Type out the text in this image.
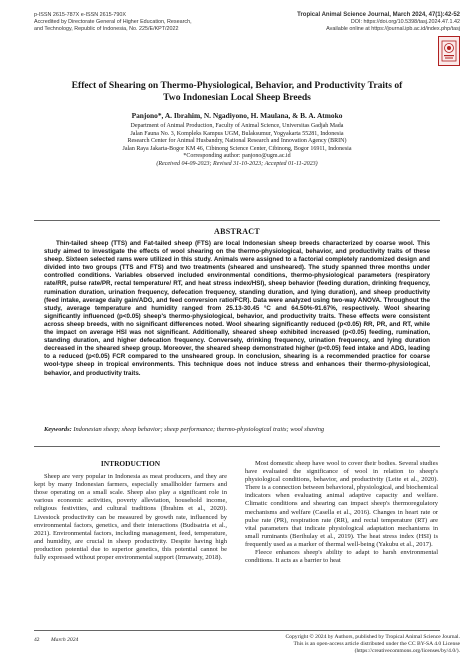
p-ISSN 2615-787X e-ISSN 2615-790X
Accredited by Directorate General of Higher Education, Research,
and Technology, Republic of Indonesia, No. 225/E/KPT/2022
Tropical Animal Science Journal, March 2024, 47(1):42-52
DOI: https://doi.org/10.5398/tasj.2024.47.1.42
Available online at https://journal.ipb.ac.id/index.php/tasj
Effect of Shearing on Thermo-Physiological, Behavior, and Productivity Traits of
Two Indonesian Local Sheep Breeds
Panjono*, A. Ibrahim, N. Ngadiyono, H. Maulana, & B. A. Atmoko
Department of Animal Production, Faculty of Animal Science, Universitas Gadjah Mada
Jalan Fauna No. 3, Kompleks Kampus UGM, Bulaksumur, Yogyakarta 55281, Indonesia
Research Center for Animal Husbandry, National Research and Innovation Agency (BRIN)
Jalan Raya Jakarta-Bogor KM 46, Cibinong Science Center, Cibinong, Bogor 16911, Indonesia
*Corresponding author: panjono@ugm.ac.id
(Received 04-09-2023; Revised 31-10-2023; Accepted 01-11-2023)
ABSTRACT
Thin-tailed sheep (TTS) and Fat-tailed sheep (FTS) are local Indonesian sheep breeds characterized by coarse wool. This study aimed to investigate the effects of wool shearing on the thermo-physiological, behavior, and productivity traits of these sheep. Sixteen selected rams were utilized in this study. Animals were assigned to a factorial completely randomized design and divided into two groups (TTS and FTS) and two treatments (sheared and unsheared). The study spanned three months under controlled conditions. Variables observed included environmental conditions, thermo-physiological parameters (respiratory rate/RR, pulse rate/PR, rectal temperature/ RT, and heat stress index/HSI), sheep behavior (feeding duration, drinking frequency, rumination duration, urination frequency, defecation frequency, standing duration, and lying duration), and sheep productivity (feed intake, average daily gain/ADG, and feed conversion ratio/FCR). Data were analyzed using two-way ANOVA. Throughout the study, average temperature and humidity ranged from 25.13-30.45 °C and 64.50%-91.67%, respectively. Wool shearing significantly influenced (p<0.05) sheep's thermo-physiological, behavior, and productivity traits. These effects were consistent across sheep breeds, with no significant differences noted. Wool shearing significantly reduced (p<0.05) RR, PR, and RT, while the impact on average HSI was not significant. Additionally, sheared sheep exhibited increased (p<0.05) feeding, rumination, standing duration, and higher defecation frequency. Conversely, drinking frequency, urination frequency, and lying duration decreased in the sheared sheep group. Moreover, the sheared sheep demonstrated higher (p<0.05) feed intake and ADG, leading to a reduced (p<0.05) FCR compared to the unsheared group. In conclusion, shearing is a recommended practice for coarse wool-type sheep in tropical environments. This technique does not induce stress and enhances their thermo-physiological, behavior, and productivity traits.
Keywords: Indonesian sheep; sheep behavior; sheep performance; thermo-physiological traits; wool shaving
INTRODUCTION

Sheep are very popular in Indonesia as meat producers, and they are kept by many Indonesian farmers, especially smallholder farmers and those operating on a small scale. Sheep also play a significant role in various economic activities, poverty alleviation, household income, religious festivities, and cultural traditions (Ibrahim et al., 2020). Livestock productivity can be measured by growth rate, influenced by environmental factors, genetics, and their interactions (Budisatria et al., 2021). Environmental factors, including management, feed, temperature, and humidity, are crucial in sheep productivity. Despite having high production potential due to superior genetics, this potential cannot be fully expressed without proper environmental support (Irmawaty, 2018).

Most domestic sheep have wool to cover their bodies. Several studies have evaluated the significance of wool in relation to sheep's physiological conditions, behavior, and productivity (Leite et al., 2020). There is a connection between behavioral, physiological, and biochemical indicators when evaluating animal adaptive capacity and welfare. Climatic conditions and shearing can impact sheep's thermoregulatory mechanisms and welfare (Casella et al., 2016). Changes in heart rate or pulse rate (PR), respiration rate (RR), and rectal temperature (RT) are vital parameters that indicate physiological adaptation mechanisms in small ruminants (Berihulay et al., 2019). The heat stress index (HSI) is frequently used as a marker of thermal well-being (Yakubu et al., 2017).

Fleece enhances sheep's ability to adapt to harsh environmental conditions. It acts as a barrier to heat

42 March 2024	Copyright © 2024 by Authors, published by Tropical Animal Science Journal.
This is an open-access article distributed under the CC BY-SA 4.0 License
(https://creativecommons.org/licenses/by/4.0/).
